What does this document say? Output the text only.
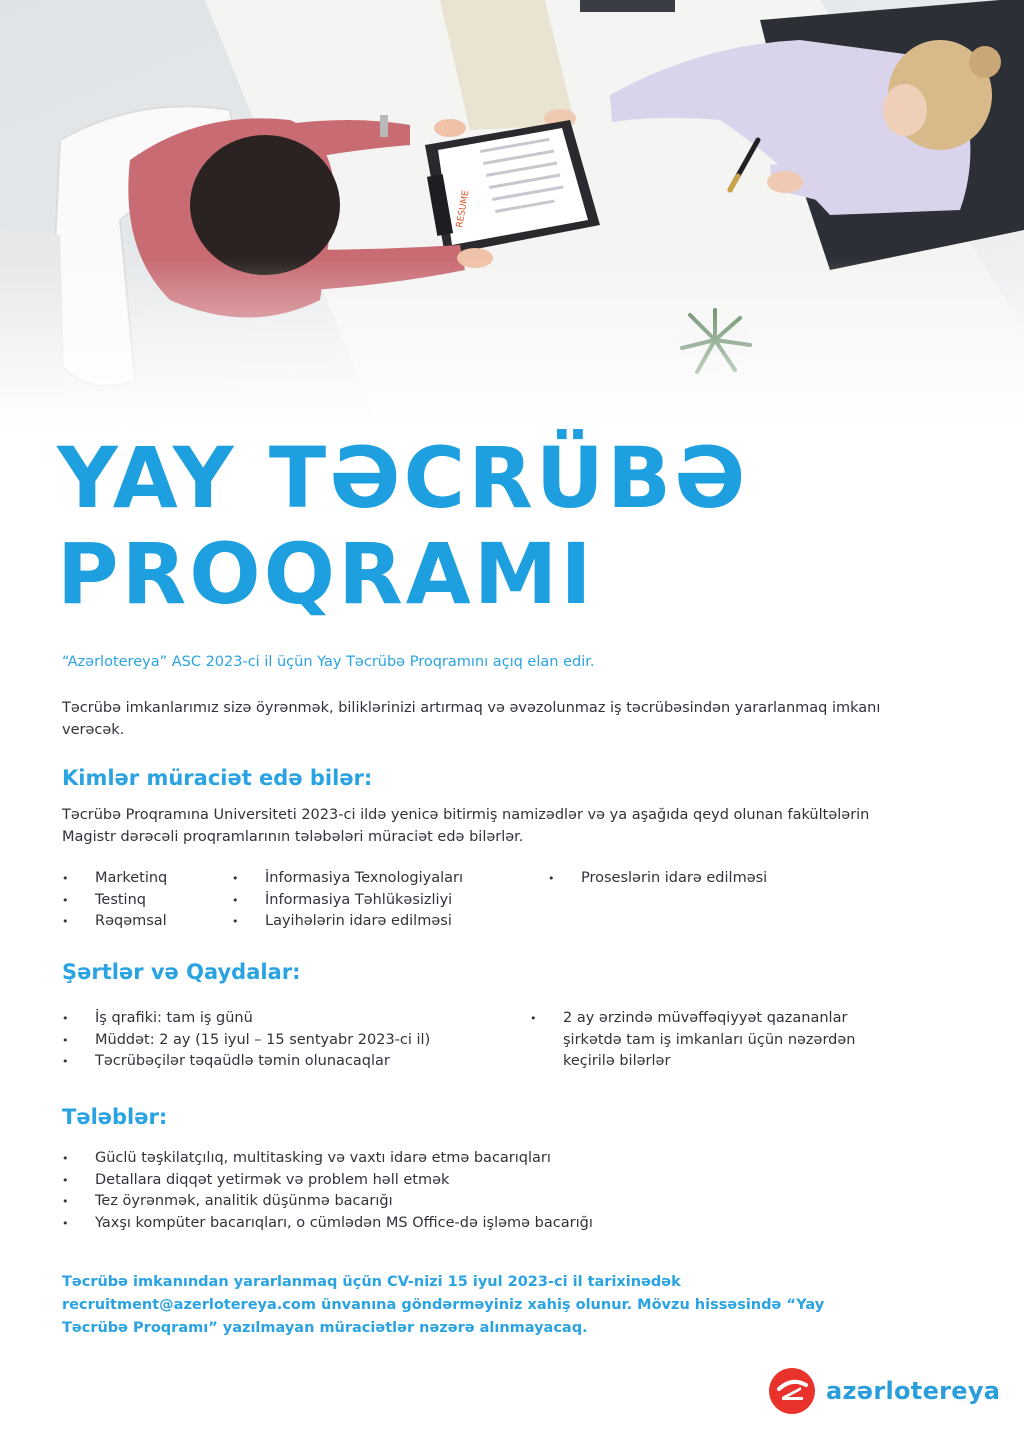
YAY TƏCRÜBƏ
PROQRAMI
“Azərlotereya” ASC 2023-ci il üçün Yay Təcrübə Proqramını açıq elan edir.
Təcrübə imkanlarımız sizə öyrənmək, biliklərinizi artırmaq və əvəzolunmaz iş təcrübəsindən yararlanmaq imkanı verəcək.
Kimlər müraciət edə bilər:
Təcrübə Proqramına Universiteti 2023-ci ildə yenicə bitirmiş namizədlər və ya aşağıda qeyd olunan fakültələrin Magistr dərəcəli proqramlarının tələbələri müraciət edə bilərlər.
• Marketinq
• Testinq
• Rəqəmsal
• İnformasiya Texnologiyaları
• İnformasiya Təhlükəsizliyi
• Layihələrin idarə edilməsi
• Proseslərin idarə edilməsi
Şərtlər və Qaydalar:
• İş qrafiki: tam iş günü
• Müddət: 2 ay (15 iyul – 15 sentyabr 2023-ci il)
• Təcrübəçilər təqaüdlə təmin olunacaqlar
• 2 ay ərzində müvəffəqiyyət qazananlar şirkətdə tam iş imkanları üçün nəzərdən keçirilə bilərlər
Tələblər:
• Güclü təşkilatçılıq, multitasking və vaxtı idarə etmə bacarıqları
• Detallara diqqət yetirmək və problem həll etmək
• Tez öyrənmək, analitik düşünmə bacarığı
• Yaxşı kompüter bacarıqları, o cümlədən MS Office-də işləmə bacarığı
Təcrübə imkanından yararlanmaq üçün CV-nizi 15 iyul 2023-ci il tarixinədək recruitment@azerlotereya.com ünvanına göndərməyiniz xahiş olunur. Mövzu hissəsində “Yay Təcrübə Proqramı” yazılmayan müraciətlər nəzərə alınmayacaq.
azərlotereya
